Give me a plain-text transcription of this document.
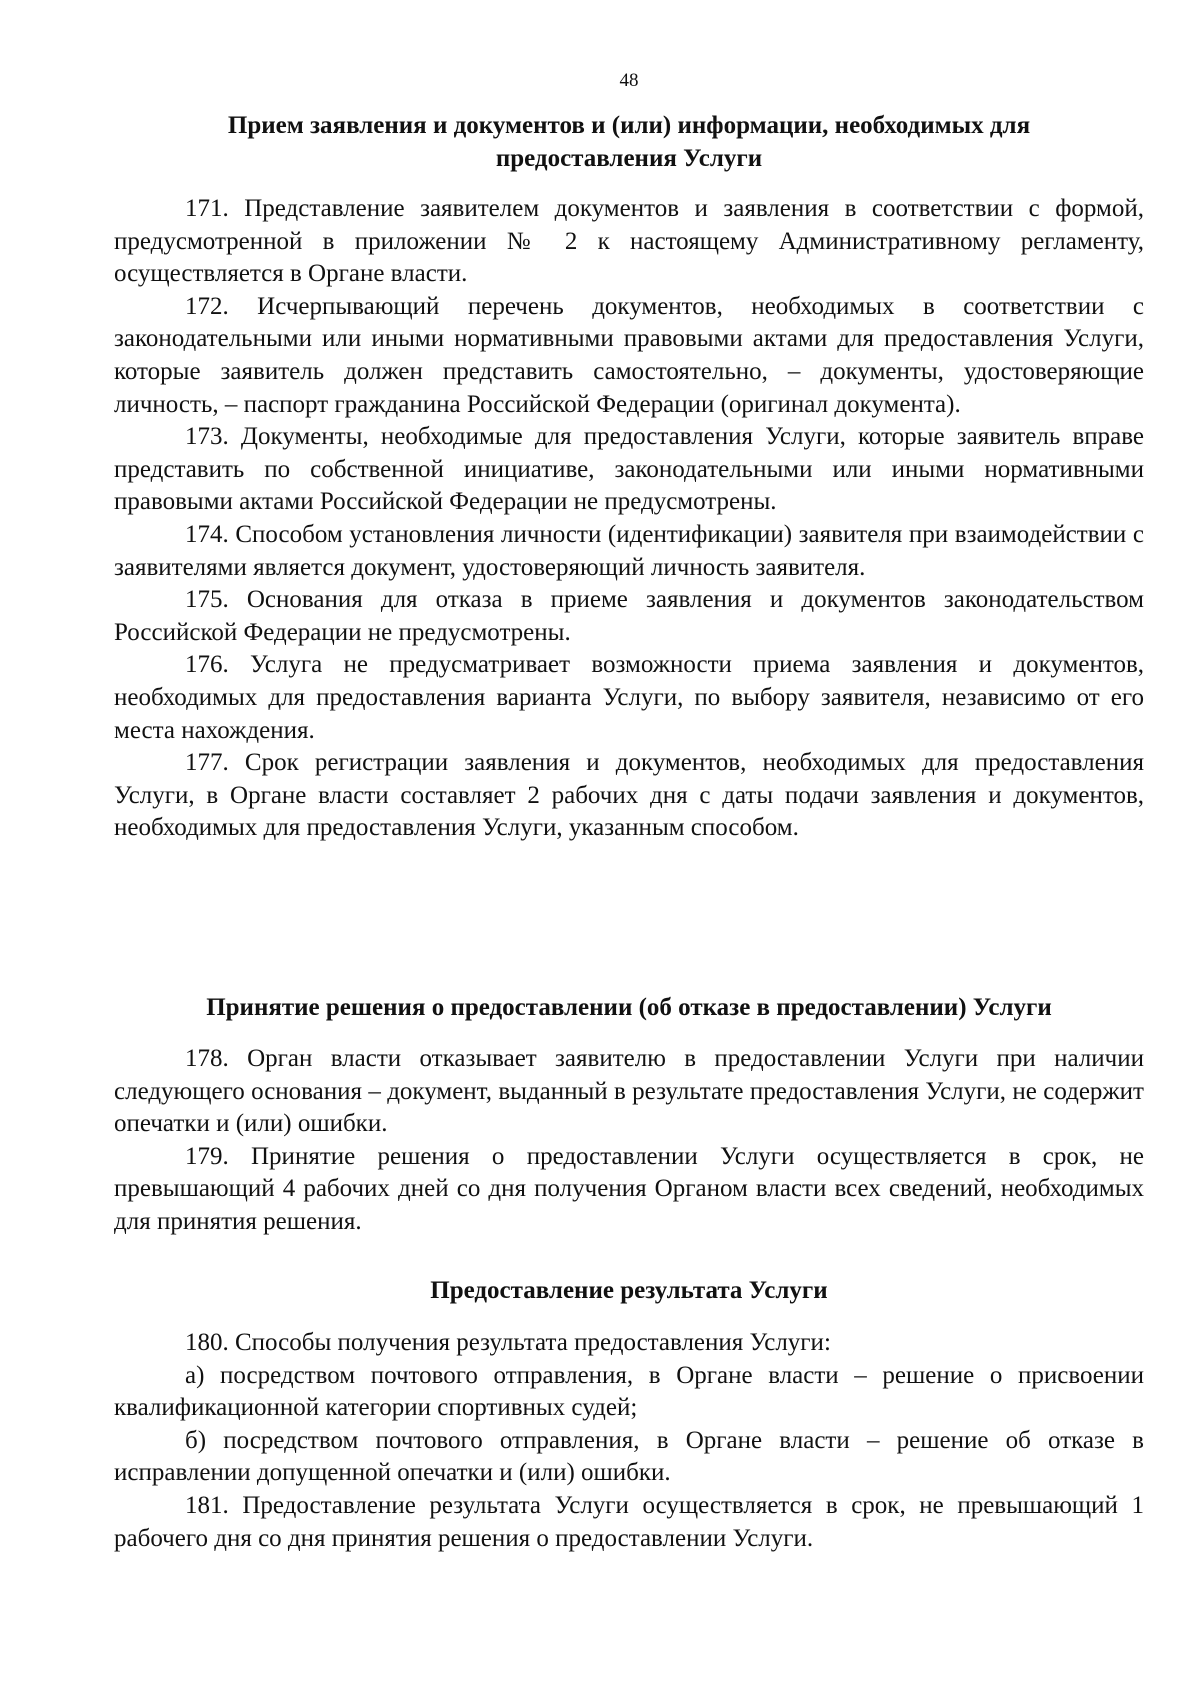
48
Прием заявления и документов и (или) информации, необходимых для
предоставления Услуги

171. Представление заявителем документов и заявления в соответствии с формой, предусмотренной в приложении № 2 к настоящему Административному регламенту, осуществляется в Органе власти.

172. Исчерпывающий перечень документов, необходимых в соответствии с законодательными или иными нормативными правовыми актами для предоставления Услуги, которые заявитель должен представить самостоятельно, – документы, удостоверяющие личность, – паспорт гражданина Российской Федерации (оригинал документа).

173. Документы, необходимые для предоставления Услуги, которые заявитель вправе представить по собственной инициативе, законодательными или иными нормативными правовыми актами Российской Федерации не предусмотрены.

174. Способом установления личности (идентификации) заявителя при взаимодействии с заявителями является документ, удостоверяющий личность заявителя.

175. Основания для отказа в приеме заявления и документов законодательством Российской Федерации не предусмотрены.

176. Услуга не предусматривает возможности приема заявления и документов, необходимых для предоставления варианта Услуги, по выбору заявителя, независимо от его места нахождения.

177. Срок регистрации заявления и документов, необходимых для предоставления Услуги, в Органе власти составляет 2 рабочих дня с даты подачи заявления и документов, необходимых для предоставления Услуги, указанным способом.

Принятие решения о предоставлении (об отказе в предоставлении) Услуги

178. Орган власти отказывает заявителю в предоставлении Услуги при наличии следующего основания – документ, выданный в результате предоставления Услуги, не содержит опечатки и (или) ошибки.

179. Принятие решения о предоставлении Услуги осуществляется в срок, не превышающий 4 рабочих дней со дня получения Органом власти всех сведений, необходимых для принятия решения.

Предоставление результата Услуги

180. Способы получения результата предоставления Услуги:

а) посредством почтового отправления, в Органе власти – решение о присвоении квалификационной категории спортивных судей;

б) посредством почтового отправления, в Органе власти – решение об отказе в исправлении допущенной опечатки и (или) ошибки.

181. Предоставление результата Услуги осуществляется в срок, не превышающий 1 рабочего дня со дня принятия решения о предоставлении Услуги.
